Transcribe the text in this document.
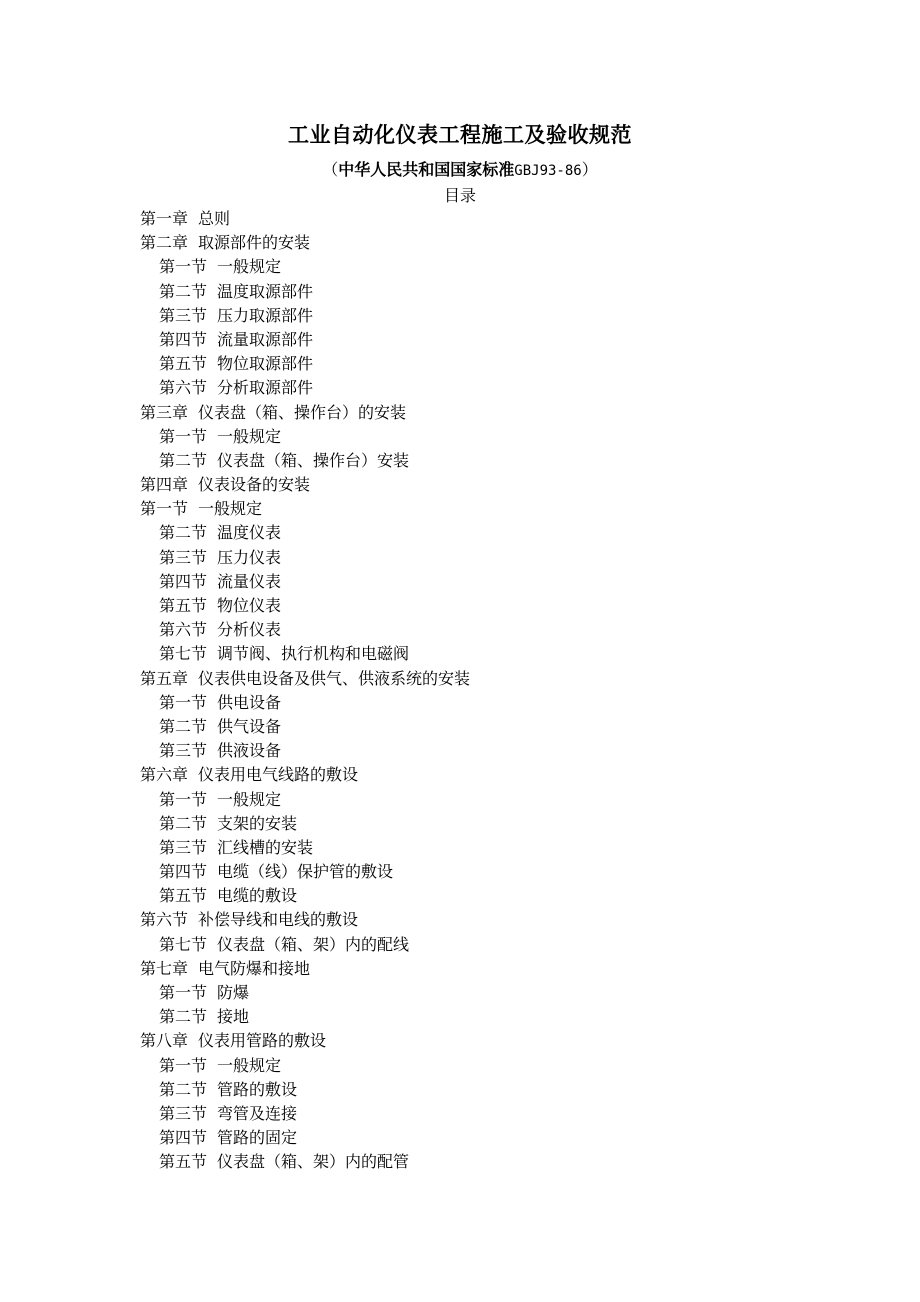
工业自动化仪表工程施工及验收规范
（中华人民共和国国家标准GBJ93-86）
目录
第一章 总则
第二章 取源部件的安装
第一节 一般规定
第二节 温度取源部件
第三节 压力取源部件
第四节 流量取源部件
第五节 物位取源部件
第六节 分析取源部件
第三章 仪表盘（箱、操作台）的安装
第一节 一般规定
第二节 仪表盘（箱、操作台）安装
第四章 仪表设备的安装
第一节 一般规定
第二节 温度仪表
第三节 压力仪表
第四节 流量仪表
第五节 物位仪表
第六节 分析仪表
第七节 调节阀、执行机构和电磁阀
第五章 仪表供电设备及供气、供液系统的安装
第一节 供电设备
第二节 供气设备
第三节 供液设备
第六章 仪表用电气线路的敷设
第一节 一般规定
第二节 支架的安装
第三节 汇线槽的安装
第四节 电缆（线）保护管的敷设
第五节 电缆的敷设
第六节 补偿导线和电线的敷设
第七节 仪表盘（箱、架）内的配线
第七章 电气防爆和接地
第一节 防爆
第二节 接地
第八章 仪表用管路的敷设
第一节 一般规定
第二节 管路的敷设
第三节 弯管及连接
第四节 管路的固定
第五节 仪表盘（箱、架）内的配管
